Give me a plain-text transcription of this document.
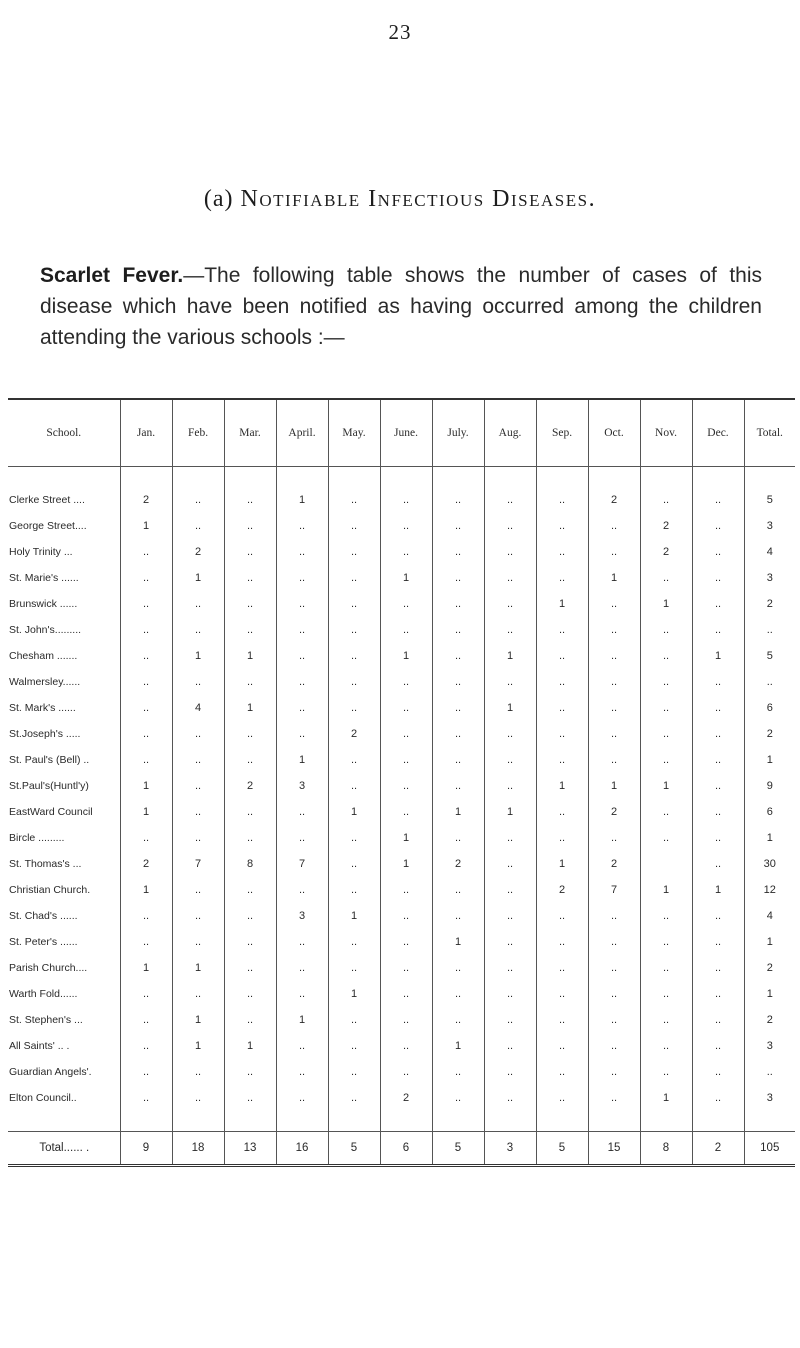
23
(a) Notifiable Infectious Diseases.
Scarlet Fever.—The following table shows the number of cases of this disease which have been notified as having occurred among the children attending the various schools :—
School.	Jan.	Feb.	Mar.	April.	May.	June.	July.	Aug.	Sep.	Oct.	Nov.	Dec.	Total.

Clerke Street ....	2	..	..	1	..	..	..	..	..	2	..	..	5
George Street....	1	..	..	..	..	..	..	..	..	..	2	..	3
Holy Trinity ...	..	2	..	..	..	..	..	..	..	..	2	..	4
St. Marie's ......	..	1	..	..	..	1	..	..	..	1	..	..	3
Brunswick ......	..	..	..	..	..	..	..	..	1	..	1	..	2
St. John's.........	..	..	..	..	..	..	..	..	..	..	..	..	..
Chesham .......	..	1	1	..	..	1	..	1	..	..	..	1	5
Walmersley......	..	..	..	..	..	..	..	..	..	..	..	..	..
St. Mark's ......	..	4	1	..	..	..	..	1	..	..	..	..	6
St.Joseph's .....	..	..	..	..	2	..	..	..	..	..	..	..	2
St. Paul's (Bell) ..	..	..	..	1	..	..	..	..	..	..	..	..	1
St.Paul's(Huntl'y)	1	..	2	3	..	..	..	..	1	1	1	..	9
EastWard Council	1	..	..	..	1	..	1	1	..	2	..	..	6
Bircle .........	..	..	..	..	..	1	..	..	..	..	..	..	1
St. Thomas's ...	2	7	8	7	..	1	2	..	1	2		..	30
Christian Church.	1	..	..	..	..	..	..	..	2	7	1	1	12
St. Chad's ......	..	..	..	3	1	..	..	..	..	..	..	..	4
St. Peter's ......	..	..	..	..	..	..	1	..	..	..	..	..	1
Parish Church....	1	1	..	..	..	..	..	..	..	..	..	..	2
Warth Fold......	..	..	..	..	1	..	..	..	..	..	..	..	1
St. Stephen's ...	..	1	..	1	..	..	..	..	..	..	..	..	2
All Saints' .. .	..	1	1	..	..	..	1	..	..	..	..	..	3
Guardian Angels'.	..	..	..	..	..	..	..	..	..	..	..	..	..
Elton Council..	..	..	..	..	..	2	..	..	..	..	1	..	3

Total...... .	9	18	13	16	5	6	5	3	5	15	8	2	105
